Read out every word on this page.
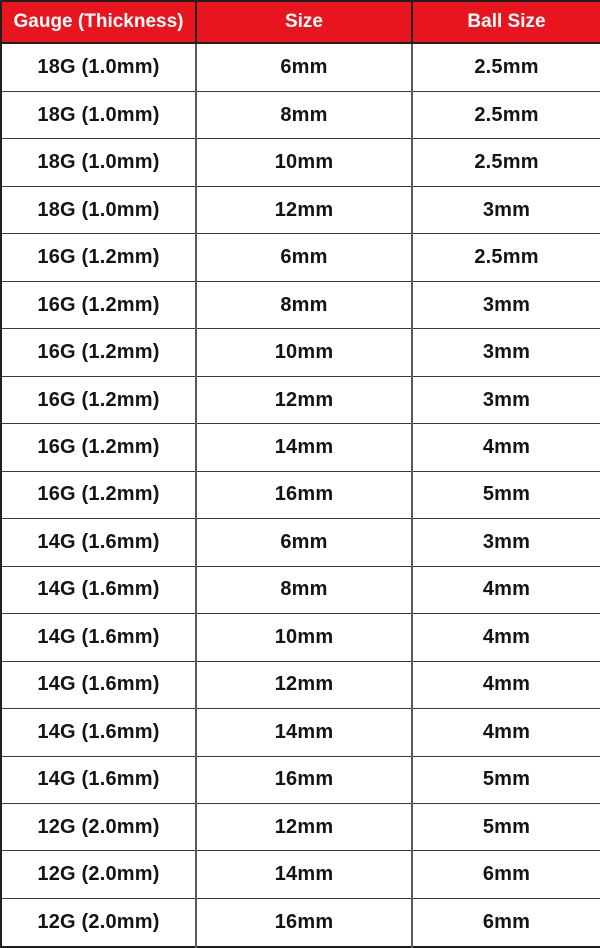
Gauge (Thickness)	Size	Ball Size
18G (1.0mm)	6mm	2.5mm
18G (1.0mm)	8mm	2.5mm
18G (1.0mm)	10mm	2.5mm
18G (1.0mm)	12mm	3mm
16G (1.2mm)	6mm	2.5mm
16G (1.2mm)	8mm	3mm
16G (1.2mm)	10mm	3mm
16G (1.2mm)	12mm	3mm
16G (1.2mm)	14mm	4mm
16G (1.2mm)	16mm	5mm
14G (1.6mm)	6mm	3mm
14G (1.6mm)	8mm	4mm
14G (1.6mm)	10mm	4mm
14G (1.6mm)	12mm	4mm
14G (1.6mm)	14mm	4mm
14G (1.6mm)	16mm	5mm
12G (2.0mm)	12mm	5mm
12G (2.0mm)	14mm	6mm
12G (2.0mm)	16mm	6mm
